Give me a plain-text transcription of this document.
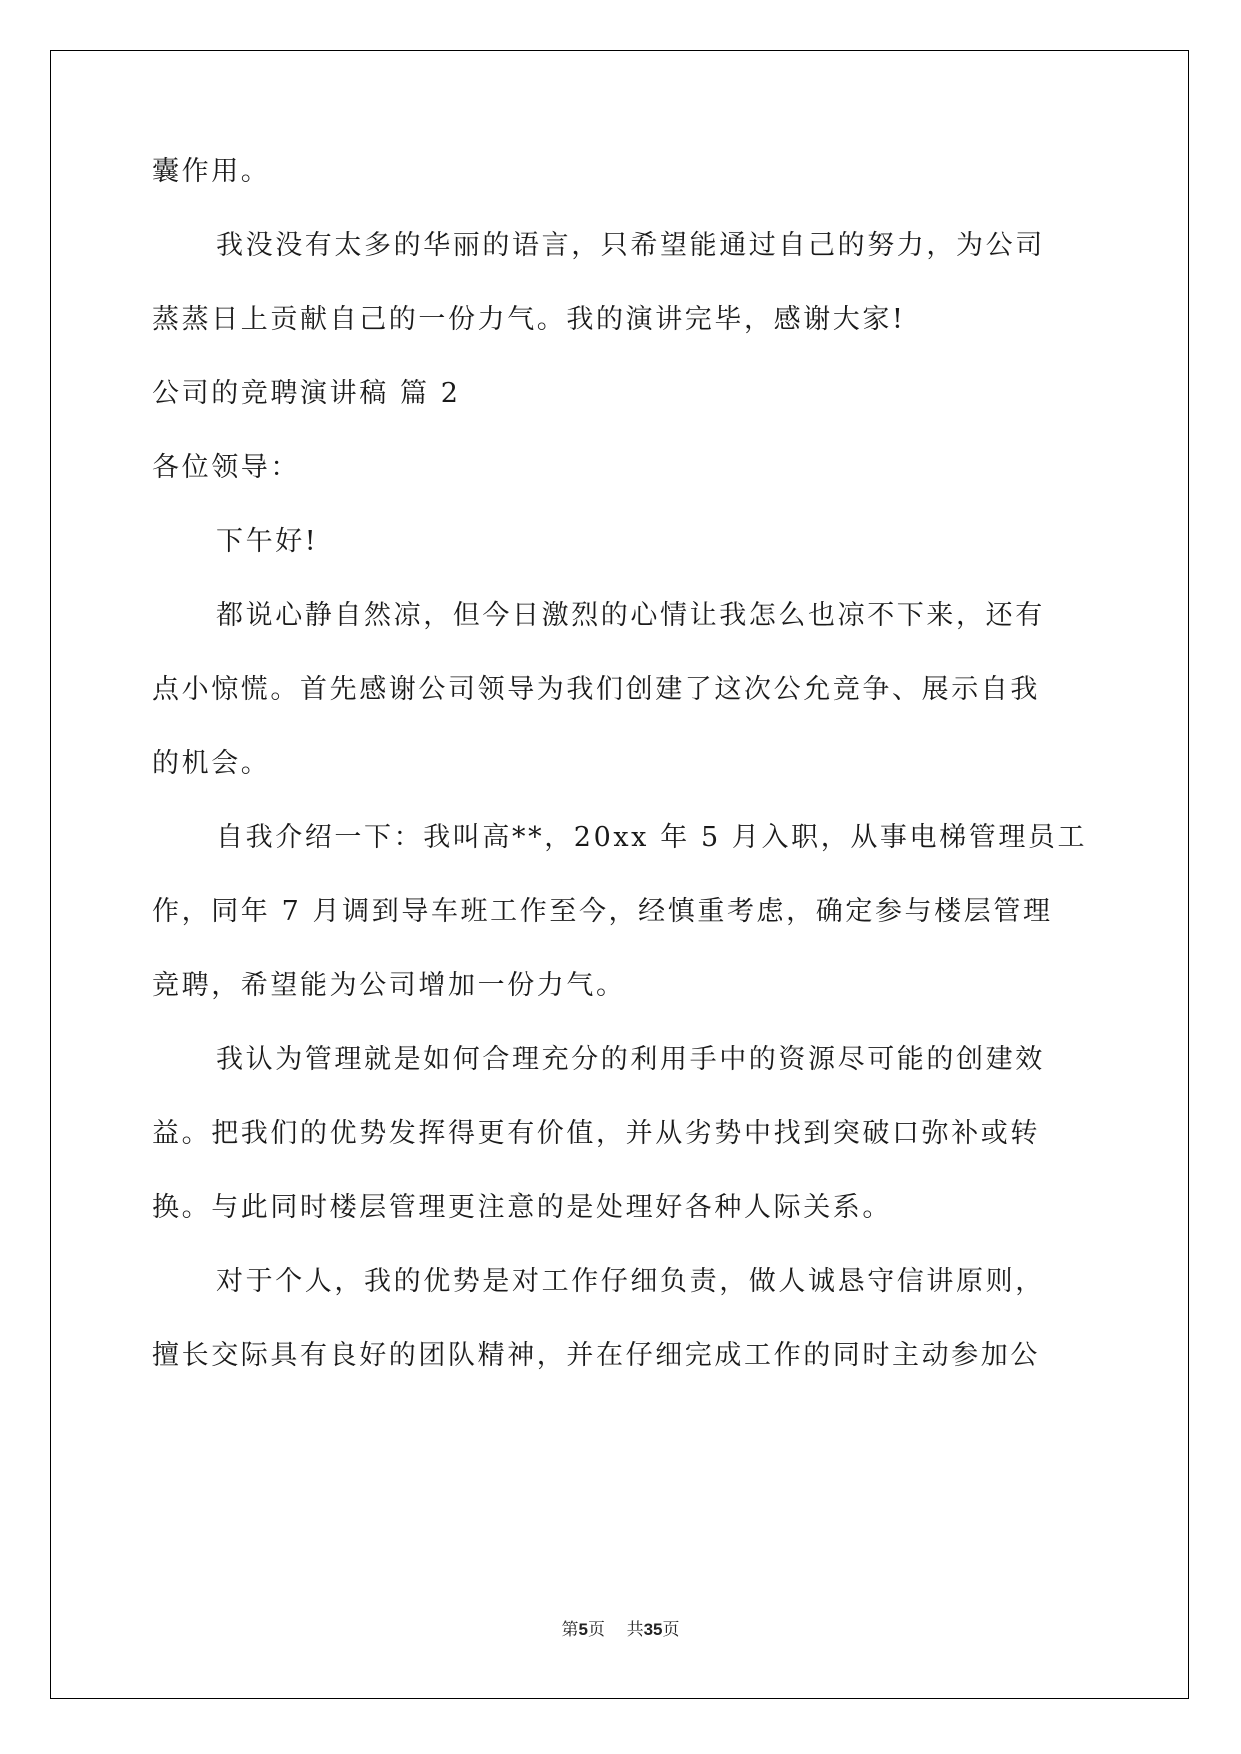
囊作用。
我没没有太多的华丽的语言，只希望能通过自己的努力，为公司
蒸蒸日上贡献自己的一份力气。我的演讲完毕，感谢大家!
公司的竞聘演讲稿 篇 2
各位领导：
下午好!
都说心静自然凉，但今日激烈的心情让我怎么也凉不下来，还有
点小惊慌。首先感谢公司领导为我们创建了这次公允竞争、展示自我
的机会。
自我介绍一下：我叫高**，20xx 年 5 月入职，从事电梯管理员工
作，同年 7 月调到导车班工作至今，经慎重考虑，确定参与楼层管理
竞聘，希望能为公司增加一份力气。
我认为管理就是如何合理充分的利用手中的资源尽可能的创建效
益。把我们的优势发挥得更有价值，并从劣势中找到突破口弥补或转
换。与此同时楼层管理更注意的是处理好各种人际关系。
对于个人，我的优势是对工作仔细负责，做人诚恳守信讲原则，
擅长交际具有良好的团队精神，并在仔细完成工作的同时主动参加公
第5页 共35页
